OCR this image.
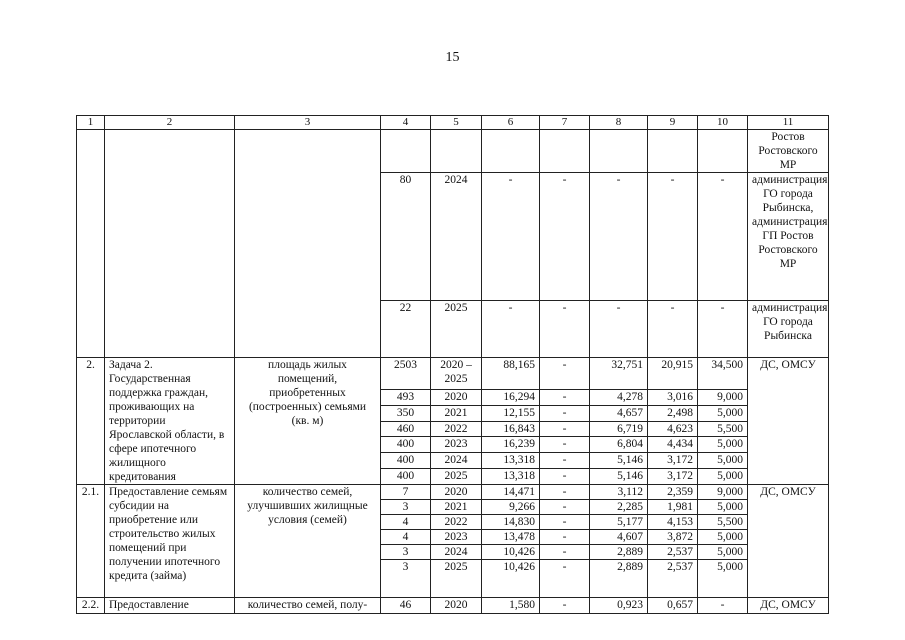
15
1	2	3	4	5	6	7	8	9	10	11
										Ростов Ростовского МР
			80	2024	-	-	-	-	-	администрация ГО города Рыбинска, администрация ГП Ростов Ростовского МР
			22	2025	-	-	-	-	-	администрация ГО города Рыбинска
2.	Задача 2. Государственная поддержка граждан, проживающих на территории Ярославской области, в сфере ипотечного жилищного кредитования	площадь жилых помещений, приобретенных (построенных) семьями (кв. м)	2503	2020 – 2025	88,165	-	32,751	20,915	34,500	ДС, ОМСУ
			493	2020	16,294	-	4,278	3,016	9,000	
			350	2021	12,155	-	4,657	2,498	5,000	
			460	2022	16,843	-	6,719	4,623	5,500	
			400	2023	16,239	-	6,804	4,434	5,000	
			400	2024	13,318	-	5,146	3,172	5,000	
			400	2025	13,318	-	5,146	3,172	5,000	
2.1.	Предоставление семьям субсидии на приобретение или строительство жилых помещений при получении ипотечного кредита (займа)	количество семей, улучшивших жилищные условия (семей)	7	2020	14,471	-	3,112	2,359	9,000	ДС, ОМСУ
			3	2021	9,266	-	2,285	1,981	5,000	
			4	2022	14,830	-	5,177	4,153	5,500	
			4	2023	13,478	-	4,607	3,872	5,000	
			3	2024	10,426	-	2,889	2,537	5,000	
			3	2025	10,426	-	2,889	2,537	5,000	
2.2.	Предоставление	количество семей, полу-	46	2020	1,580	-	0,923	0,657	-	ДС, ОМСУ
